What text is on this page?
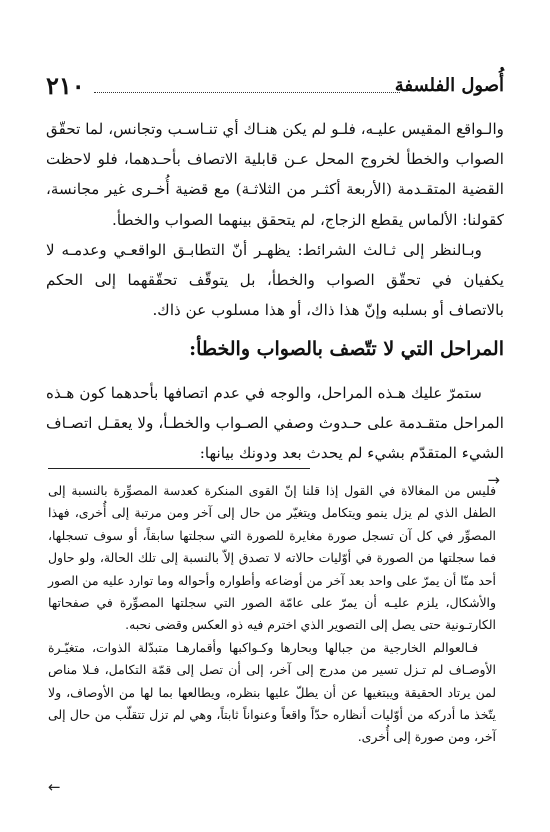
٢١٠	أُصول الفلسفة

والـواقع المقيس عليـه، فلـو لم يكن هنـاك أي تنـاسـب وتجانس، لما تحقّق الصواب والخطأ لخروج المحل عـن قابلية الاتصاف بأحـدهما، فلو لاحظت القضية المتقـدمة (الأربعة أكثـر من الثلاثـة) مع قضية أُخـرى غير مجانسة، كقولنا: الألماس يقطع الزجاج، لم يتحقق بينهما الصواب والخطأ.

وبـالنظر إلى ثـالث الشرائط: يظهـر أنّ التطابـق الواقعـي وعدمـه لا يكفيان في تحقّق الصواب والخطأ، بل يتوقّف تحقّقهما إلى الحكم بالاتصاف أو بسلبه وإنّ هذا ذاك، أو هذا مسلوب عن ذاك.

المراحل التي لا تتّصف بالصواب والخطأ:

ستمرّ عليك هـذه المراحل، والوجه في عدم اتصافها بأحدهما كون هـذه المراحل متقـدمة على حـدوث وصفي الصـواب والخطـأ، ولا يعقـل اتصـاف الشيء المتقدّم بشيء لم يحدث بعد ودونك بيانها:

→

فليس من المغالاة في القول إذا قلنا إنّ القوى المنكرة كعدسة المصوِّرة بالنسبة إلى الطفل الذي لم يزل ينمو ويتكامل ويتغيّر من حال إلى آخر ومن مرتبة إلى أُخرى، فهذا المصوِّر في كل آن تسجل صورة مغايرة للصورة التي سجلتها سابقاً، أو سوف تسجلها، فما سجلتها من الصورة في أوّليات حالاته لا تصدق إلاّ بالنسبة إلى تلك الحالة، ولو حاول أحد منّا أن يمرّ على واحد بعد آخر من أوضاعه وأطواره وأحواله وما توارد عليه من الصور والأشكال، يلزم عليـه أن يمرّ على عامّة الصور التي سجلتها المصوِّرة في صفحاتها الكارتـونية حتى يصل إلى التصوير الذي اخترم فيه ذو العكس وقضى نحبه.

فـالعوالم الخارجية من جبالها وبحارها وكـواكبها وأقمارهـا متبدّلة الذوات، متغيّـرة الأوصـاف لم تـزل تسير من مدرج إلى آخر، إلى أن تصل إلى قمّة التكامل، فـلا مناص لمن يرتاد الحقيقة ويبتغيها عن أن يطلّ عليها بنظره، ويطالعها بما لها من الأوصاف، ولا يتّخذ ما أدركه من أوّليات أنظاره حدّاً واقعاً وعنواناً ثابتاً، وهي لم تزل تتقلّب من حال إلى آخر، ومن صورة إلى أُخرى.

←
